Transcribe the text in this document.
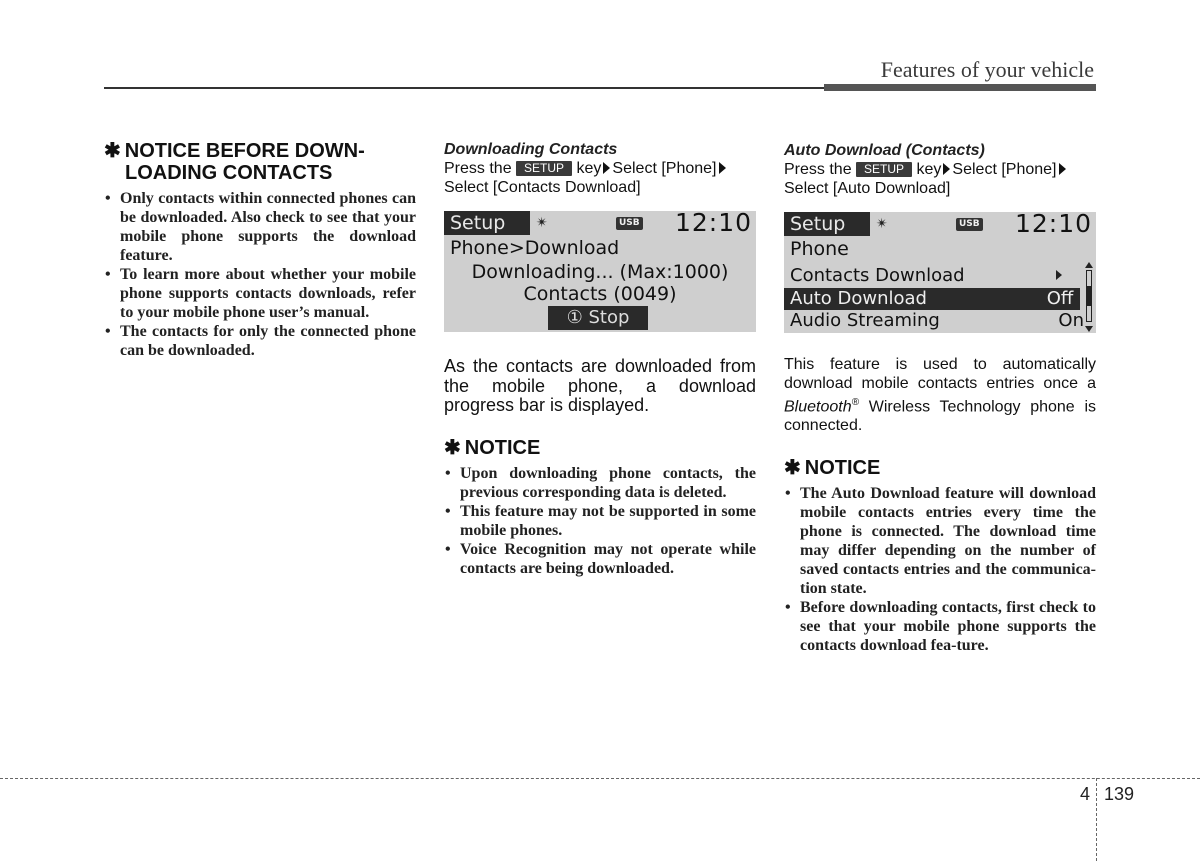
Features of your vehicle

✱ NOTICE BEFORE DOWN-

LOADING CONTACTS

• Only contacts within connected phones can be downloaded. Also check to see that your mobile phone supports the download feature.
• To learn more about whether your mobile phone supports contacts downloads, refer to your mobile phone user’s manual.
• The contacts for only the connected phone can be downloaded.

Downloading Contacts

Press the SETUP key Select [Phone]

Select [Contacts Download]

Setup	✴	USB 12:10
Phone>Download
Downloading... (Max:1000)
Contacts (0049)
① Stop

As the contacts are downloaded from the mobile phone, a download progress bar is displayed.

✱ NOTICE

• Upon downloading phone contacts, the previous corresponding data is deleted.
• This feature may not be supported in some mobile phones.
• Voice Recognition may not operate while contacts are being downloaded.

Auto Download (Contacts)

Press the SETUP key Select [Phone]

Select [Auto Download]

Setup	✴	USB 12:10
Phone
Contacts Download
Auto Download	Off
Audio Streaming	On

This feature is used to automatically download mobile contacts entries once a Bluetooth® Wireless Technology phone is connected.

✱ NOTICE

• The Auto Download feature will download mobile contacts entries every time the phone is connected. The download time may differ depending on the number of saved contacts entries and the communica-tion state.
• Before downloading contacts, first check to see that your mobile phone supports the contacts download fea-ture.
4 139
